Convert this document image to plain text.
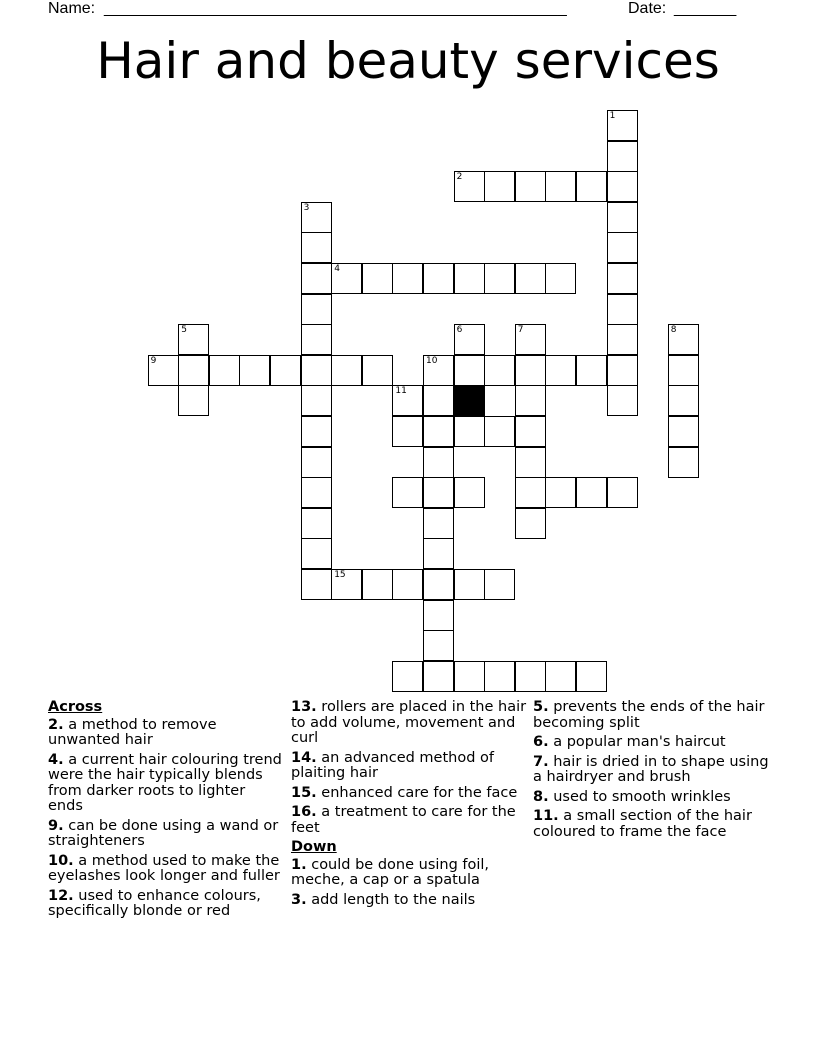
Name: ____________________________________________________	Date: _______
Hair and beauty services
1
2
3
4
5
9
6	7	8
10
11
15
Across
2. a method to remove unwanted hair
4. a current hair colouring trend were the hair typically blends from darker roots to lighter ends
9. can be done using a wand or straighteners
10. a method used to make the eyelashes look longer and fuller
12. used to enhance colours, specifically blonde or red
13. rollers are placed in the hair to add volume, movement and curl
14. an advanced method of plaiting hair
15. enhanced care for the face
16. a treatment to care for the feet
Down
1. could be done using foil, meche, a cap or a spatula
3. add length to the nails
5. prevents the ends of the hair becoming split
6. a popular man's haircut
7. hair is dried in to shape using a hairdryer and brush
8. used to smooth wrinkles
11. a small section of the hair coloured to frame the face
